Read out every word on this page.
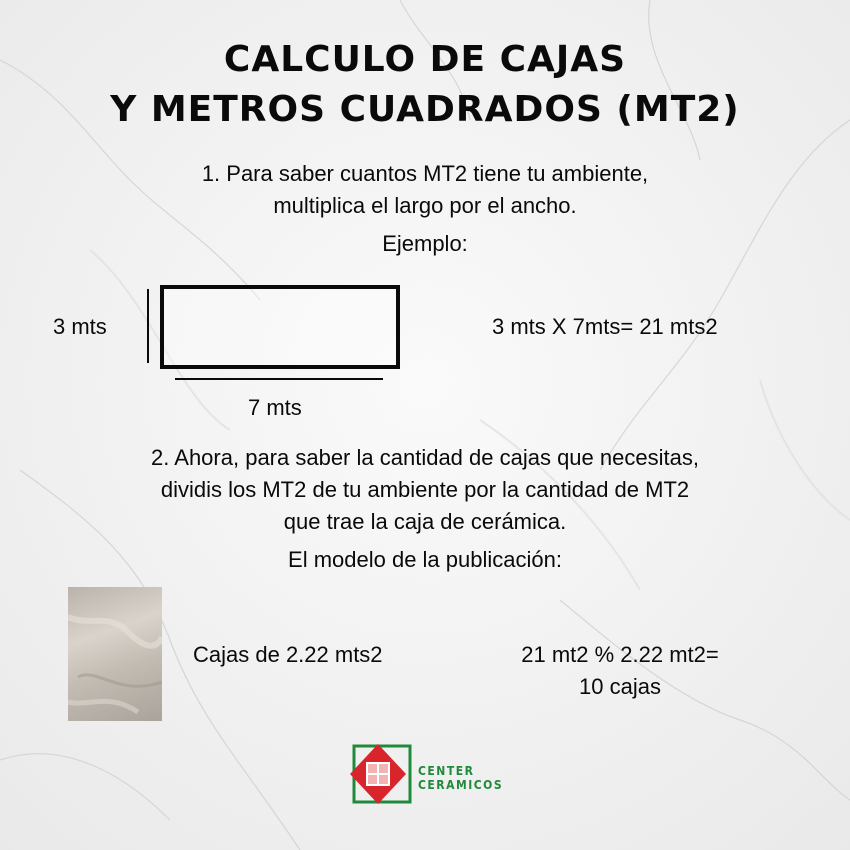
CALCULO DE CAJAS
Y METROS CUADRADOS (MT2)
1. Para saber cuantos MT2 tiene tu ambiente,
multiplica el largo por el ancho.
Ejemplo:
3 mts
7 mts
3 mts X 7mts= 21 mts2
2. Ahora, para saber la cantidad de cajas que necesitas,
dividis los MT2 de tu ambiente por la cantidad de MT2
que trae la caja de cerámica.
El modelo de la publicación:
Cajas de 2.22 mts2	21 mt2 % 2.22 mt2=
10 cajas
CENTER
CERAMICOS
